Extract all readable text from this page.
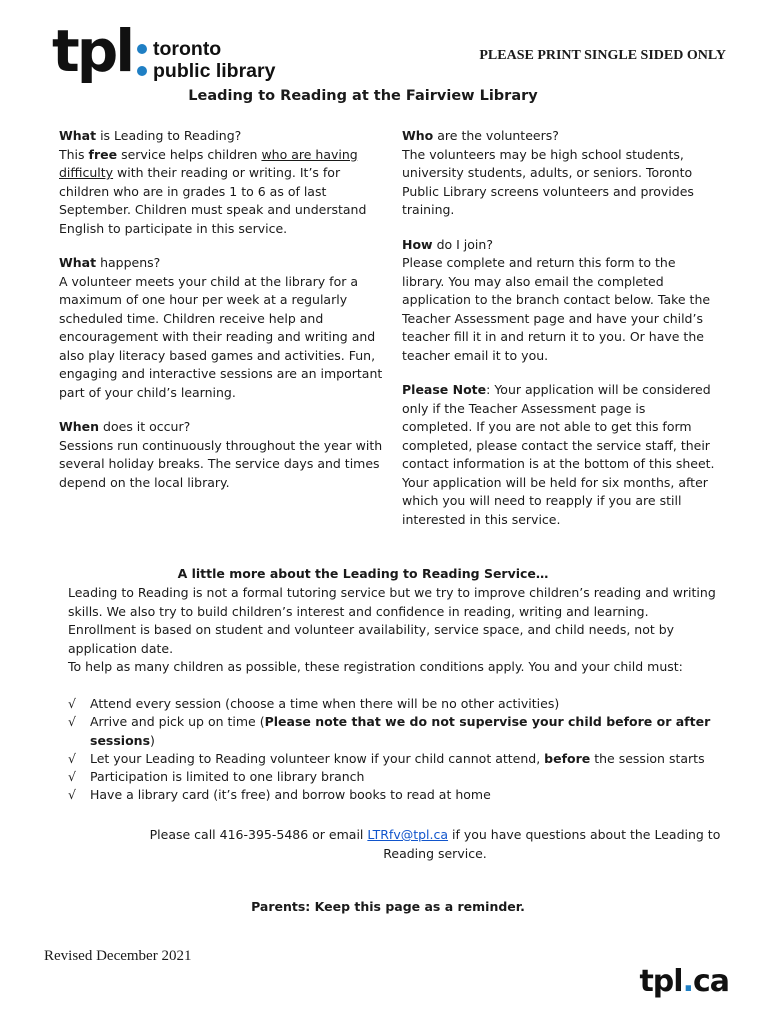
tpl toronto
public library
PLEASE PRINT SINGLE SIDED ONLY
Leading to Reading at the Fairview Library

What is Leading to Reading?
This free service helps children who are having difficulty with their reading or writing. It’s for children who are in grades 1 to 6 as of last September. Children must speak and understand English to participate in this service.

What happens?
A volunteer meets your child at the library for a maximum of one hour per week at a regularly scheduled time. Children receive help and encouragement with their reading and writing and also play literacy based games and activities. Fun, engaging and interactive sessions are an important part of your child’s learning.

When does it occur?
Sessions run continuously throughout the year with several holiday breaks. The service days and times depend on the local library.

Who are the volunteers?
The volunteers may be high school students, university students, adults, or seniors. Toronto Public Library screens volunteers and provides training.

How do I join?
Please complete and return this form to the library. You may also email the completed application to the branch contact below. Take the Teacher Assessment page and have your child’s teacher fill it in and return it to you. Or have the teacher email it to you.

Please Note: Your application will be considered only if the Teacher Assessment page is completed. If you are not able to get this form completed, please contact the service staff, their contact information is at the bottom of this sheet. Your application will be held for six months, after which you will need to reapply if you are still interested in this service.

A little more about the Leading to Reading Service…
Leading to Reading is not a formal tutoring service but we try to improve children’s reading and writing skills. We also try to build children’s interest and confidence in reading, writing and learning. Enrollment is based on student and volunteer availability, service space, and child needs, not by application date.
To help as many children as possible, these registration conditions apply. You and your child must:
√	Attend every session (choose a time when there will be no other activities)
√	Arrive and pick up on time (Please note that we do not supervise your child before or after sessions)
√	Let your Leading to Reading volunteer know if your child cannot attend, before the session starts
√	Participation is limited to one library branch
√	Have a library card (it’s free) and borrow books to read at home
Please call 416-395-5486 or email LTRfv@tpl.ca if you have questions about the Leading to Reading service.
Parents: Keep this page as a reminder.
Revised December 2021
tpl.ca
